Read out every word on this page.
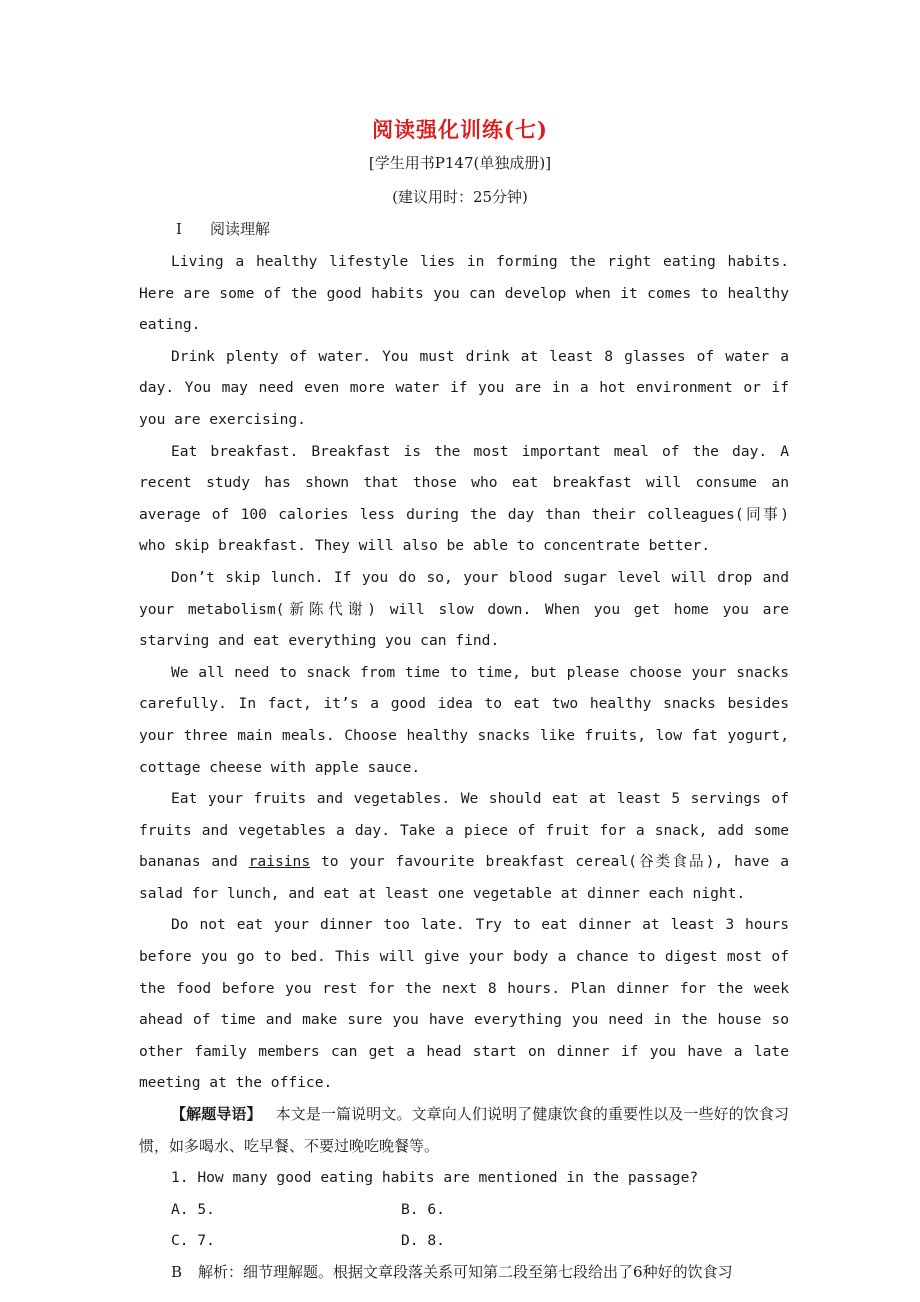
阅读强化训练(七)
[学生用书P147(单独成册)]
(建议用时：25分钟)
Ⅰ 阅读理解

Living a healthy lifestyle lies in forming the right eating habits. Here are some of the good habits you can develop when it comes to healthy eating.

Drink plenty of water. You must drink at least 8 glasses of water a day. You may need even more water if you are in a hot environment or if you are exercising.

Eat breakfast. Breakfast is the most important meal of the day. A recent study has shown that those who eat breakfast will consume an average of 100 calories less during the day than their colleagues(同事) who skip breakfast. They will also be able to concentrate better.

Don’t skip lunch. If you do so, your blood sugar level will drop and your metabolism(新陈代谢) will slow down. When you get home you are starving and eat everything you can find.

We all need to snack from time to time, but please choose your snacks carefully. In fact, it’s a good idea to eat two healthy snacks besides your three main meals. Choose healthy snacks like fruits, low fat yogurt, cottage cheese with apple sauce.

Eat your fruits and vegetables. We should eat at least 5 servings of fruits and vegetables a day. Take a piece of fruit for a snack, add some bananas and raisins to your favourite breakfast cereal(谷类食品), have a salad for lunch, and eat at least one vegetable at dinner each night.

Do not eat your dinner too late. Try to eat dinner at least 3 hours before you go to bed. This will give your body a chance to digest most of the food before you rest for the next 8 hours. Plan dinner for the week ahead of time and make sure you have everything you need in the house so other family members can get a head start on dinner if you have a late meeting at the office.

【解题导语】 本文是一篇说明文。文章向人们说明了健康饮食的重要性以及一些好的饮食习惯，如多喝水、吃早餐、不要过晚吃晚餐等。

1. How many good eating habits are mentioned in the passage?

A. 5.	B. 6.
C. 7.	D. 8.

B 解析：细节理解题。根据文章段落关系可知第二段至第七段给出了6种好的饮食习
